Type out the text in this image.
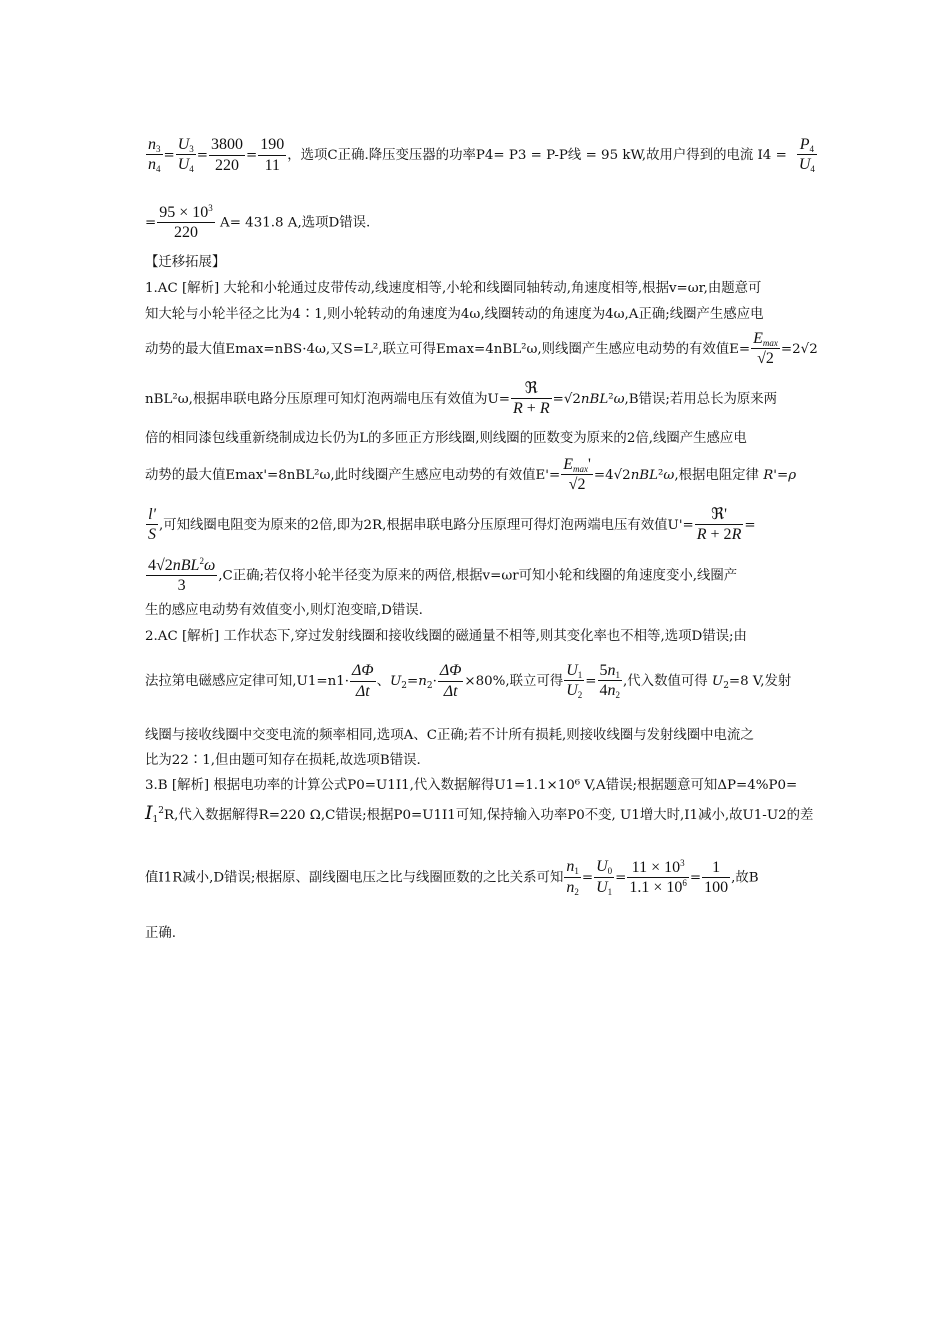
$\frac{n_3}{n_4} = \frac{U_3}{U_4} = \frac{3800}{220} = \frac{190}{11}$ ，选项C正确.降压变压器的功率P4= P3 = P-P线 = 95 kW,故用户得到的电流 $I4 = \frac{P_4}{U_4}$
= $\frac{95 \times 10^3}{220} A= 431.8$ A,选项D错误.
【迁移拓展】
1.AC [解析] 大轮和小轮通过皮带传动,线速度相等,小轮和线圈同轴转动,角速度相等,根据v=ωr,由题意可
知大轮与小轮半径之比为4∶1,则小轮转动的角速度为4ω,线圈转动的角速度为4ω,A正确;线圈产生感应电
动势的最大值Emax=nBS·4ω,又S=L²,联立可得Emax=4nBL²ω,则线圈产生感应电动势的有效值$E= \frac{E_{max}}{√2} =2√2$
nBL²ω,根据串联电路分压原理可知灯泡两端电压有效值为$U= \frac{\text{ℜ}}{R + R} =√2nBL^2\omega,B$错误;若用总长为原来两
倍的相同漆包线重新绕制成边长仍为L的多匝正方形线圈,则线圈的匝数变为原来的2倍,线圈产生感应电
动势的最大值Emax'=8nBL²ω,此时线圈产生感应电动势的有效值$E'= \frac{E_{max}'}{√2} =4√2nBL^2\omega$,根据电阻定律 R'=ρ
$\frac{l'}{S}$ ,可知线圈电阻变为原来的2倍,即为2R,根据串联电路分压原理可得灯泡两端电压有效值$U'= \frac{\text{ℜ'}}{R + 2R}$ =
$\frac{4√2nBL^2\omega}{3} ,C$正确;若仅将小轮半径变为原来的两倍,根据v=ωr可知小轮和线圈的角速度变小,线圈产
生的感应电动势有效值变小,则灯泡变暗,D错误.
2.AC [解析] 工作状态下,穿过发射线圈和接收线圈的磁通量不相等,则其变化率也不相等,选项D错误;由
法拉第电磁感应定律可知$,U1=n1\cdot \frac{\Delta\Phi}{\Delta t}$ 、$U_2=n_2\cdot \frac{\Delta\Phi}{\Delta t} \times 80\%$,联立可得 $\frac{U_1}{U_2} = \frac{5n_1}{4n_2}$ ,代入数值可得 $U_2=8$ V,发射
线圈与接收线圈中交变电流的频率相同,选项A、C正确;若不计所有损耗,则接收线圈与发射线圈中电流之
比为22∶1,但由题可知存在损耗,故选项B错误.
3.B [解析] 根据电功率的计算公式P0=U1I1,代入数据解得U1=1.1×10⁶ V,A错误;根据题意可知ΔP=4%P0=
$I_1^2R$,代入数据解得R=220 Ω,C错误;根据P0=U1I1可知,保持输入功率P0不变, U1增大时,I1减小,故U1-U2的差
值I1R减小,D错误;根据原、副线圈电压之比与线圈匝数的之比关系可知 $\frac{n_1}{n_2} = \frac{U_0}{U_1} = \frac{11 \times 10^3}{1.1 \times 10^6} = \frac{1}{100}$ ,故B
正确.
